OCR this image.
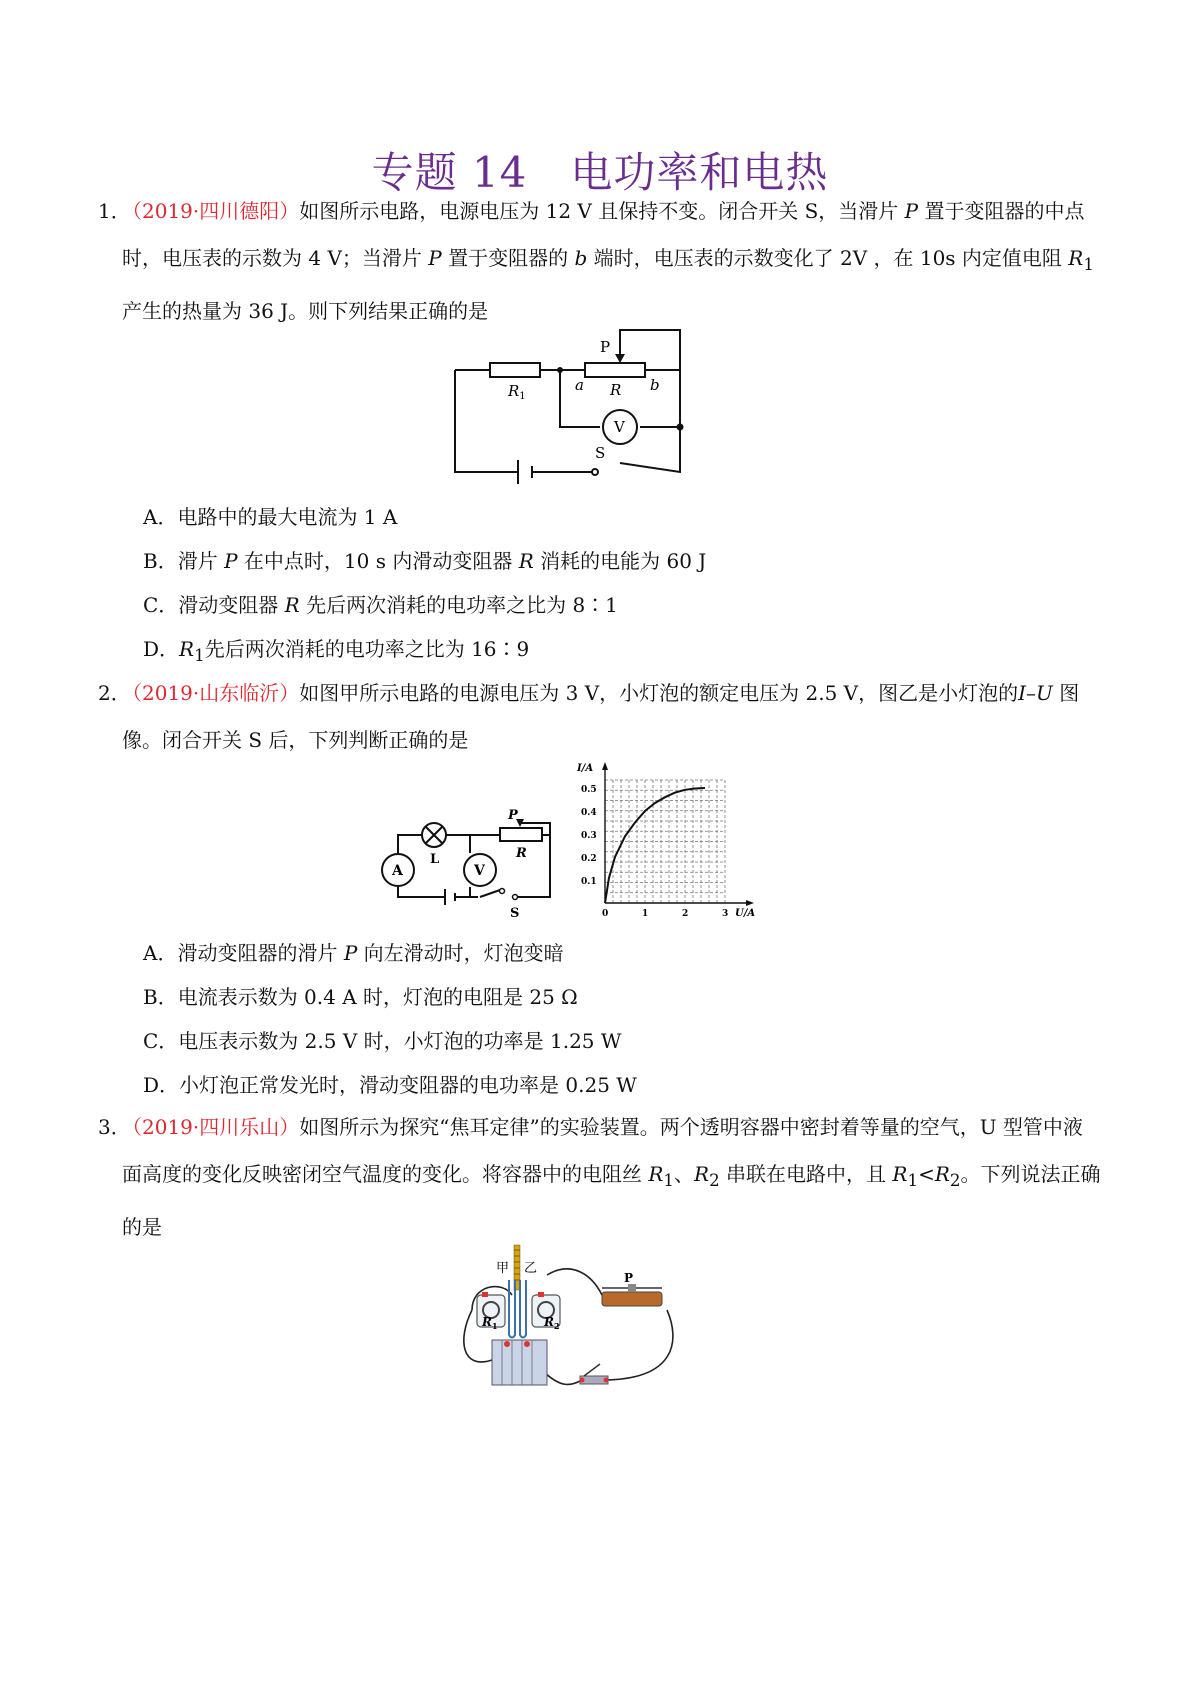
专题 14　电功率和电热
1．（2019·四川德阳）如图所示电路，电源电压为 12 V 且保持不变。闭合开关 S，当滑片 P 置于变阻器的中点时，电压表的示数为 4 V；当滑片 P 置于变阻器的 b 端时，电压表的示数变化了 2V ，在 10s 内定值电阻 $R_1$产生的热量为 36 J。则下列结果正确的是
$R_1$
a R b
P
V
S
A．电路中的最大电流为 1 A
B．滑片 P 在中点时，10 s 内滑动变阻器 R 消耗的电能为 60 J
C．滑动变阻器 R 先后两次消耗的电功率之比为 8∶1
D．$R_1$先后两次消耗的电功率之比为 16∶9
2．（2019·山东临沂）如图甲所示电路的电源电压为 3 V，小灯泡的额定电压为 2.5 V，图乙是小灯泡的I–U 图像。闭合开关 S 后，下列判断正确的是
A
L
V
P
R
S
0.1
0.2
0.3
0.4
0.5
0	1	2	3
I/A
U/A
A．滑动变阻器的滑片 P 向左滑动时，灯泡变暗
B．电流表示数为 0.4 A 时，灯泡的电阻是 25 Ω
C．电压表示数为 2.5 V 时，小灯泡的功率是 1.25 W
D．小灯泡正常发光时，滑动变阻器的电功率是 0.25 W
3．（2019·四川乐山）如图所示为探究“焦耳定律”的实验装置。两个透明容器中密封着等量的空气，U 型管中液面高度的变化反映密闭空气温度的变化。将容器中的电阻丝 $R_1$、$R_2$ 串联在电路中，且 $R_1<R_2$。下列说法正确的是
甲 乙
$R_1$	$R_2$
P
